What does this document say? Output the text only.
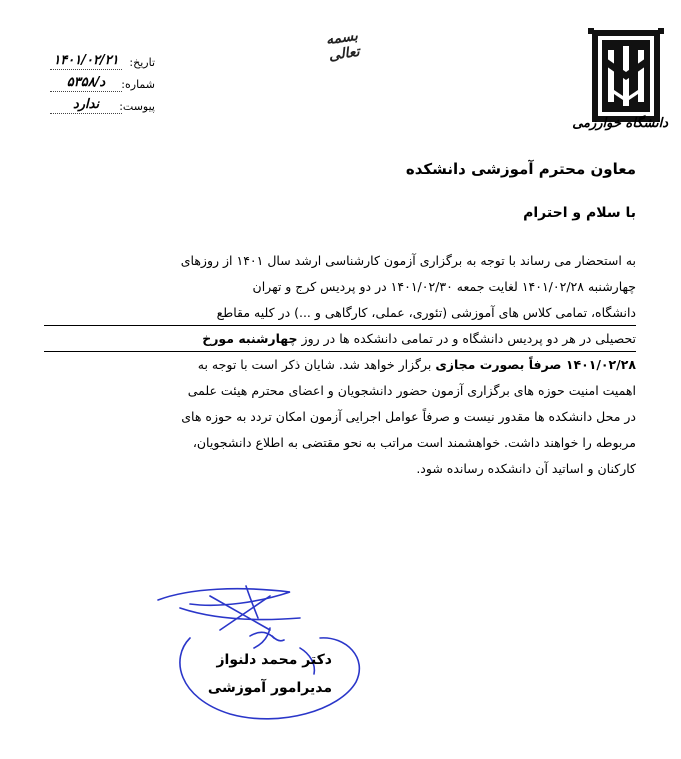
دانشگاه خوارزمی
بسمه تعالی
تاریخ:
۱۴۰۱/۰۲/۲۱
شماره:
د/۵۳۵۸
پیوست:
ندارد
معاون محترم آموزشی دانشکده
با سلام و احترام
به استحضار می رساند با توجه به برگزاری آزمون کارشناسی ارشد سال ۱۴۰۱ از روزهای
چهارشنبه ۱۴۰۱/۰۲/۲۸ لغایت جمعه ۱۴۰۱/۰۲/۳۰ در دو پردیس کرج و تهران
دانشگاه، تمامی کلاس های آموزشی (تئوری، عملی، کارگاهی و ...) در کلیه مقاطع
تحصیلی در هر دو پردیس دانشگاه و در تمامی دانشکده ها در روز چهارشنبه مورخ
۱۴۰۱/۰۲/۲۸ صرفاً بصورت مجازی برگزار خواهد شد. شایان ذکر است با توجه به
اهمیت امنیت حوزه های برگزاری آزمون حضور دانشجویان و اعضای محترم هیئت علمی
در محل دانشکده ها مقدور نیست و صرفاً عوامل اجرایی آزمون امکان تردد به حوزه های
مربوطه را خواهند داشت. خواهشمند است مراتب به نحو مقتضی به اطلاع دانشجویان،
کارکنان و اساتید آن دانشکده رسانده شود.
دکتر محمد دلنواز
مدیرامور آموزشی
